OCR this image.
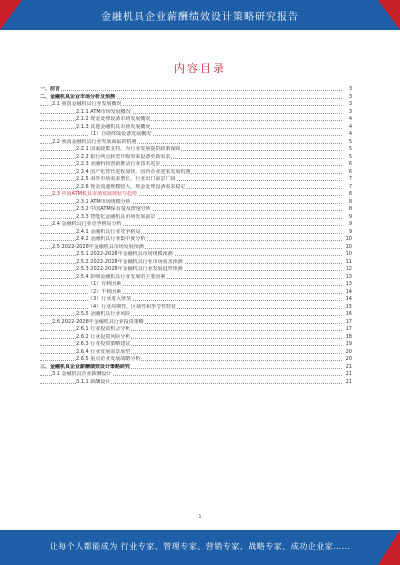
金融机具企业薪酬绩效设计策略研究报告
内容目录
一、前言	3
二、金融机具企业市场分析及预测	3
2.1 我国金融机具行业发展概况	3
2.1.1 ATM市场发展概况	3
2.1.2 现金处理设备市场发展概况	4
2.1.3 其他金融机具市场发展概况	4
（1）自助终端设备发展概况	4
2.2 我国金融机具行业发展面临的机遇	5
2.2.1 国家政策支持，为行业发展提供政策保障	5
2.2.2 银行网点转型升级带来设备更新需求	5
2.2.3 金融科技创新推动行业技术进步	6
2.2.4 国产化替代进程加快，国内企业迎来发展机遇	6
2.2.5 海外市场需求增长，行业出口前景广阔	7
2.2.6 现金流通规模较大，现金处理设备需求稳定	7
2.3 中国ATM机具市场发展现状与趋势	8
2.3.1 ATM市场规模分析	8
2.3.2 中国ATM保有量及增速分析	8
2.3.3 智能化金融机具市场发展前景	9
2.4 金融机具行业竞争格局分析	9
2.4.1 金融机具行业竞争格局	9
2.4.2 金融机具行业集中度分析	10
2.5 2022-2028年金融机具市场发展预测	10
2.5.1 2022-2028年金融机具市场规模预测	10
2.5.2 2022-2028年金融机具行业市场需求预测	11
2.5.3 2022-2028年金融机具行业发展趋势预测	12
2.5.4 影响金融机具行业发展的主要因素	13
（1）有利因素	13
（2）不利因素	14
（3）行业进入壁垒	14
（4）行业周期性、区域性和季节性特征	15
2.5.5 金融机具行业风险	16
2.6 2022-2028年金融机具行业投资策略	17
2.6.1 行业投资机会分析	17
2.6.2 行业投资风险分析	18
2.6.3 行业投资策略建议	19
2.6.4 行业发展前景展望	20
2.6.5 重点企业发展战略分析	20
三、金融机具企业薪酬绩效设计策略研究	21
3.1 金融机具企业薪酬设计	21
3.1.1 薪酬设计	21
1
让每个人都能成为 行业专家、管理专家、营销专家、战略专家、成功企业家……
